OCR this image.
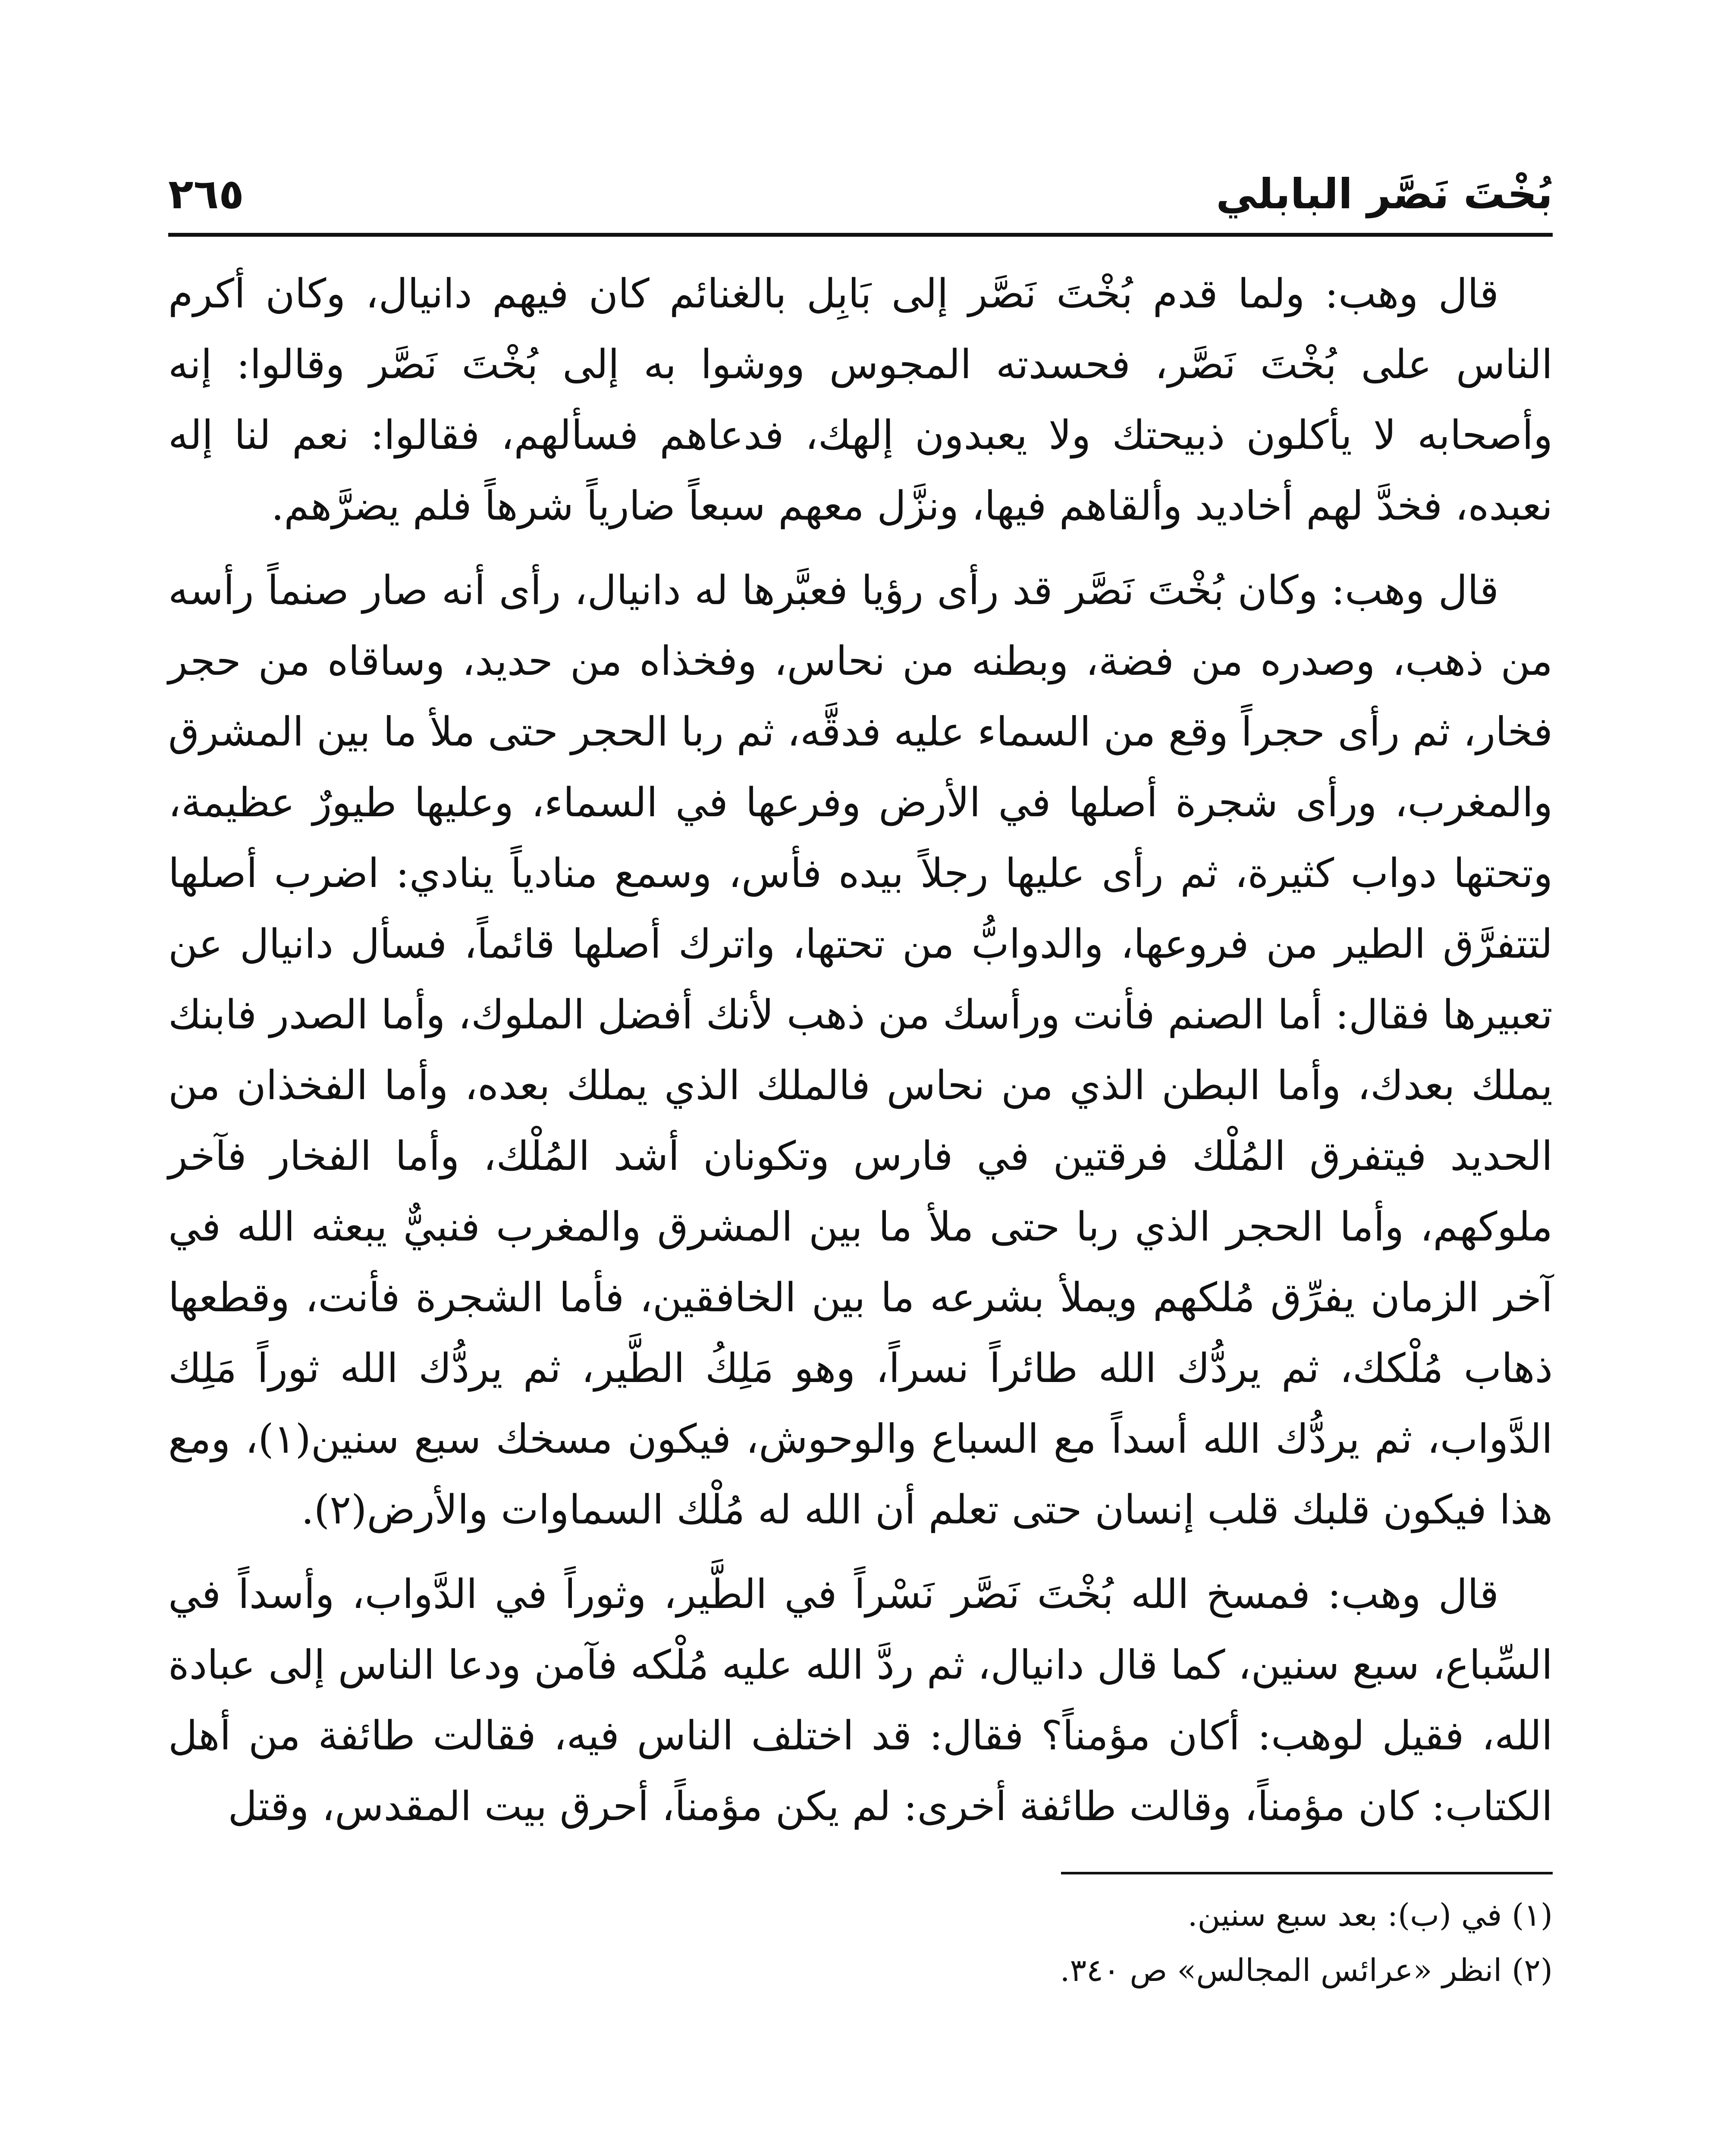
بُخْتَ نَصَّر البابلي
٢٦٥

قال وهب: ولما قدم بُخْتَ نَصَّر إلى بَابِل بالغنائم كان فيهم دانيال، وكان أكرم الناس على بُخْتَ نَصَّر، فحسدته المجوس ووشوا به إلى بُخْتَ نَصَّر وقالوا: إنه وأصحابه لا يأكلون ذبيحتك ولا يعبدون إلهك، فدعاهم فسألهم، فقالوا: نعم لنا إله نعبده، فخدَّ لهم أخاديد وألقاهم فيها، ونزَّل معهم سبعاً ضارياً شرهاً فلم يضرَّهم.

قال وهب: وكان بُخْتَ نَصَّر قد رأى رؤيا فعبَّرها له دانيال، رأى أنه صار صنماً رأسه من ذهب، وصدره من فضة، وبطنه من نحاس، وفخذاه من حديد، وساقاه من حجر فخار، ثم رأى حجراً وقع من السماء عليه فدقَّه، ثم ربا الحجر حتى ملأ ما بين المشرق والمغرب، ورأى شجرة أصلها في الأرض وفرعها في السماء، وعليها طيورٌ عظيمة، وتحتها دواب كثيرة، ثم رأى عليها رجلاً بيده فأس، وسمع منادياً ينادي: اضرب أصلها لتتفرَّق الطير من فروعها، والدوابُّ من تحتها، واترك أصلها قائماً، فسأل دانيال عن تعبيرها فقال: أما الصنم فأنت ورأسك من ذهب لأنك أفضل الملوك، وأما الصدر فابنك يملك بعدك، وأما البطن الذي من نحاس فالملك الذي يملك بعده، وأما الفخذان من الحديد فيتفرق المُلْك فرقتين في فارس وتكونان أشد المُلْك، وأما الفخار فآخر ملوكهم، وأما الحجر الذي ربا حتى ملأ ما بين المشرق والمغرب فنبيٌّ يبعثه الله في آخر الزمان يفرِّق مُلكهم ويملأ بشرعه ما بين الخافقين، فأما الشجرة فأنت، وقطعها ذهاب مُلْكك، ثم يردُّك الله طائراً نسراً، وهو مَلِكُ الطَّير، ثم يردُّك الله ثوراً مَلِك الدَّواب، ثم يردُّك الله أسداً مع السباع والوحوش، فيكون مسخك سبع سنين(١)، ومع هذا فيكون قلبك قلب إنسان حتى تعلم أن الله له مُلْك السماوات والأرض(٢).

قال وهب: فمسخ الله بُخْتَ نَصَّر نَسْراً في الطَّير، وثوراً في الدَّواب، وأسداً في السِّباع، سبع سنين، كما قال دانيال، ثم ردَّ الله عليه مُلْكه فآمن ودعا الناس إلى عبادة الله، فقيل لوهب: أكان مؤمناً؟ فقال: قد اختلف الناس فيه، فقالت طائفة من أهل الكتاب: كان مؤمناً، وقالت طائفة أخرى: لم يكن مؤمناً، أحرق بيت المقدس، وقتل

(١) في (ب): بعد سبع سنين.
(٢) انظر «عرائس المجالس» ص ٣٤٠.
